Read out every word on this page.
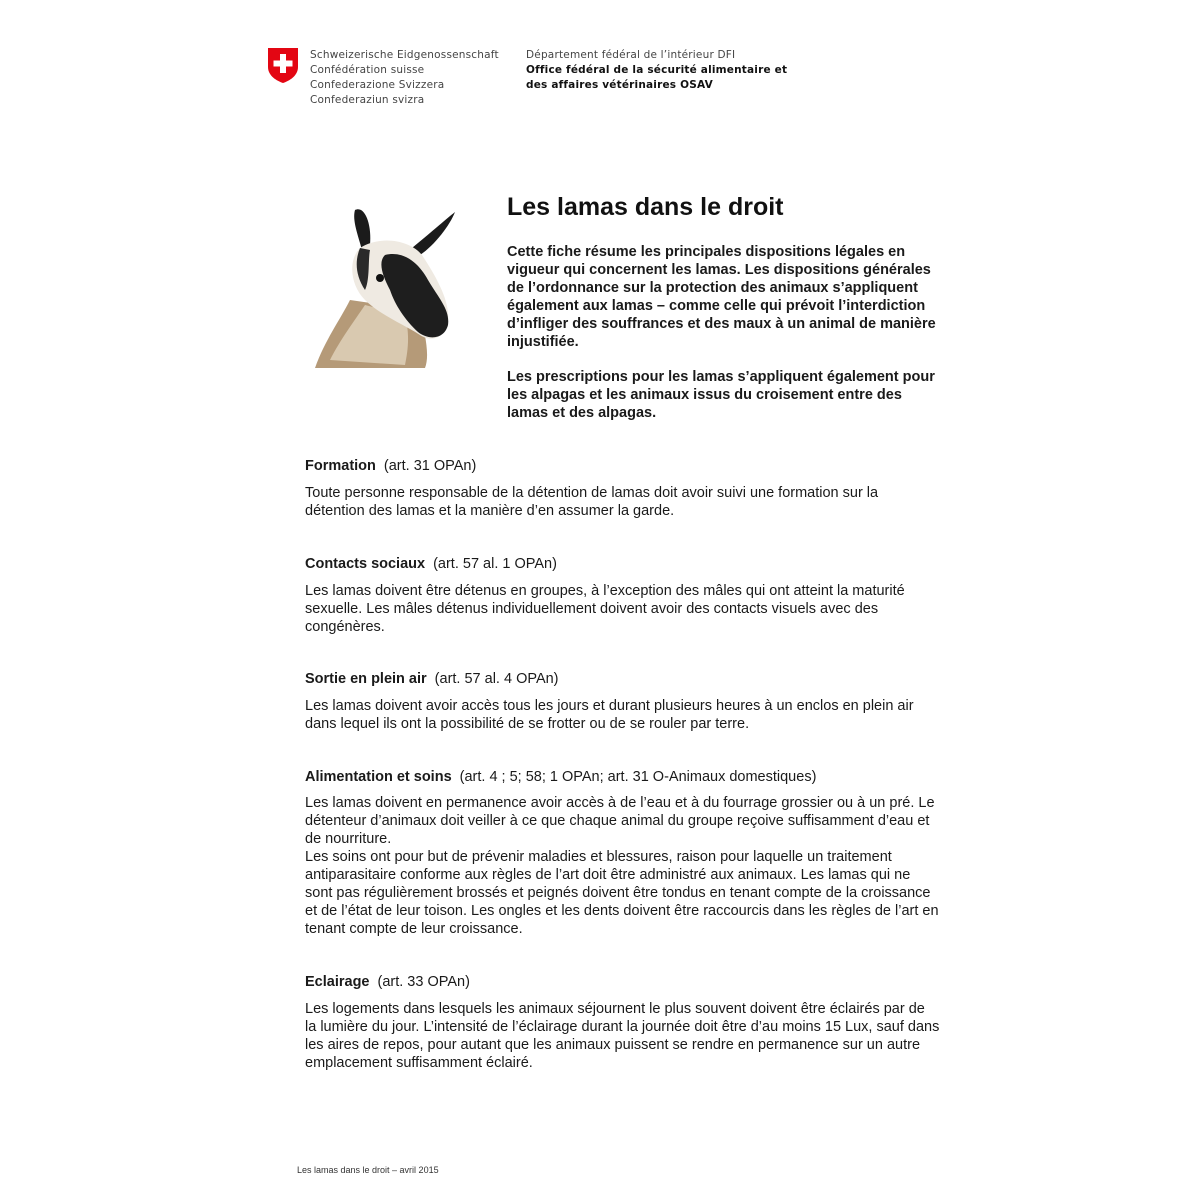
Schweizerische Eidgenossenschaft
Confédération suisse
Confederazione Svizzera
Confederaziun svizra
Département fédéral de l’intérieur DFI
Office fédéral de la sécurité alimentaire et
des affaires vétérinaires OSAV
Les lamas dans le droit

Cette fiche résume les principales dispositions légales en vigueur qui concernent les lamas. Les dispositions générales de l’ordonnance sur la protection des animaux s’appliquent également aux lamas – comme celle qui prévoit l’interdiction d’infliger des souffrances et des maux à un animal de manière injustifiée.

Les prescriptions pour les lamas s’appliquent également pour les alpagas et les animaux issus du croisement entre des lamas et des alpagas.

Formation (art. 31 OPAn)

Toute personne responsable de la détention de lamas doit avoir suivi une formation sur la détention des lamas et la manière d’en assumer la garde.

Contacts sociaux (art. 57 al. 1 OPAn)

Les lamas doivent être détenus en groupes, à l’exception des mâles qui ont atteint la maturité sexuelle. Les mâles détenus individuellement doivent avoir des contacts visuels avec des congénères.

Sortie en plein air (art. 57 al. 4 OPAn)

Les lamas doivent avoir accès tous les jours et durant plusieurs heures à un enclos en plein air dans lequel ils ont la possibilité de se frotter ou de se rouler par terre.

Alimentation et soins (art. 4 ; 5; 58; 1 OPAn; art. 31 O-Animaux domestiques)

Les lamas doivent en permanence avoir accès à de l’eau et à du fourrage grossier ou à un pré. Le détenteur d’animaux doit veiller à ce que chaque animal du groupe reçoive suffisamment d’eau et de nourriture.

Les soins ont pour but de prévenir maladies et blessures, raison pour laquelle un traitement antiparasitaire conforme aux règles de l’art doit être administré aux animaux. Les lamas qui ne sont pas régulièrement brossés et peignés doivent être tondus en tenant compte de la croissance et de l’état de leur toison. Les ongles et les dents doivent être raccourcis dans les règles de l’art en tenant compte de leur croissance.

Eclairage (art. 33 OPAn)

Les logements dans lesquels les animaux séjournent le plus souvent doivent être éclairés par de la lumière du jour. L’intensité de l’éclairage durant la journée doit être d’au moins 15 Lux, sauf dans les aires de repos, pour autant que les animaux puissent se rendre en permanence sur un autre emplacement suffisamment éclairé.

Les lamas dans le droit – avril 2015
